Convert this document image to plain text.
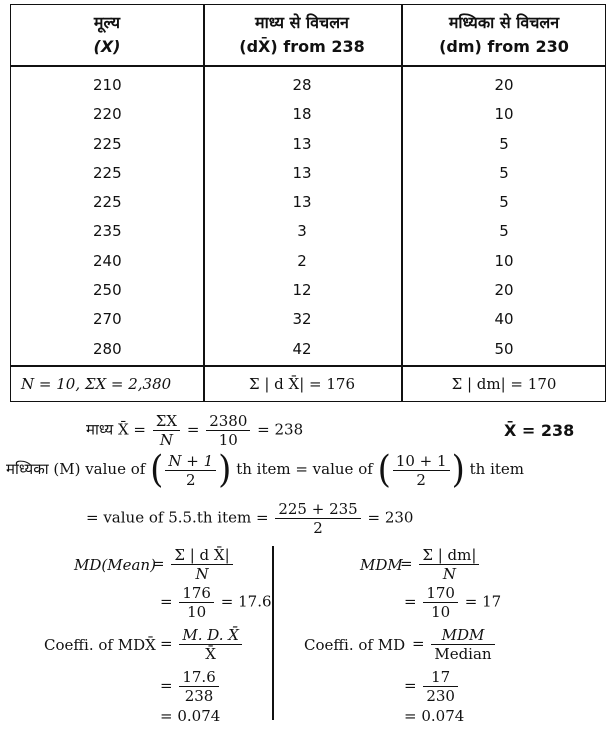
मूल्य
(X)
माध्य से विचलन
(dX̄) from 238
मध्यिका से विचलन
(dm) from 230
210	28	20
220	18	10
225	13	5
225	13	5
225	13	5
235	3	5
240	2	10
250	12	20
270	32	40
280	42	50
N = 10, ΣX = 2,380	Σ | d X̄| = 176	Σ | dm| = 170
माध्य X̄ = $\frac{\Sigma X}{N} = \frac{2380}{10} = 238$	X̄ = 238
मध्यिका (M) value of ( $\frac{N + 1}{2}$ ) th item = value of ( $\frac{10 + 1}{2}$ ) th item
= value of 5.5.th item = $\frac{225 + 235}{2} = 230$
MD(Mean)
= $\frac{\text{Σ | d X̄|}}{N}$
= $\frac{176}{10} = 17.6$
Coeffi. of MDX̄ = $\frac{M. D. X̄}{X̄}$
= $\frac{17.6}{238}$
= 0.074
MDM
= $\frac{\Sigma | dm|}{N}$
= $\frac{170}{10} = 17$
Coeffi. of MD = $\frac{\text{MDM}}{\text{Median}}$
= $\frac{17}{230}$
= 0.074
